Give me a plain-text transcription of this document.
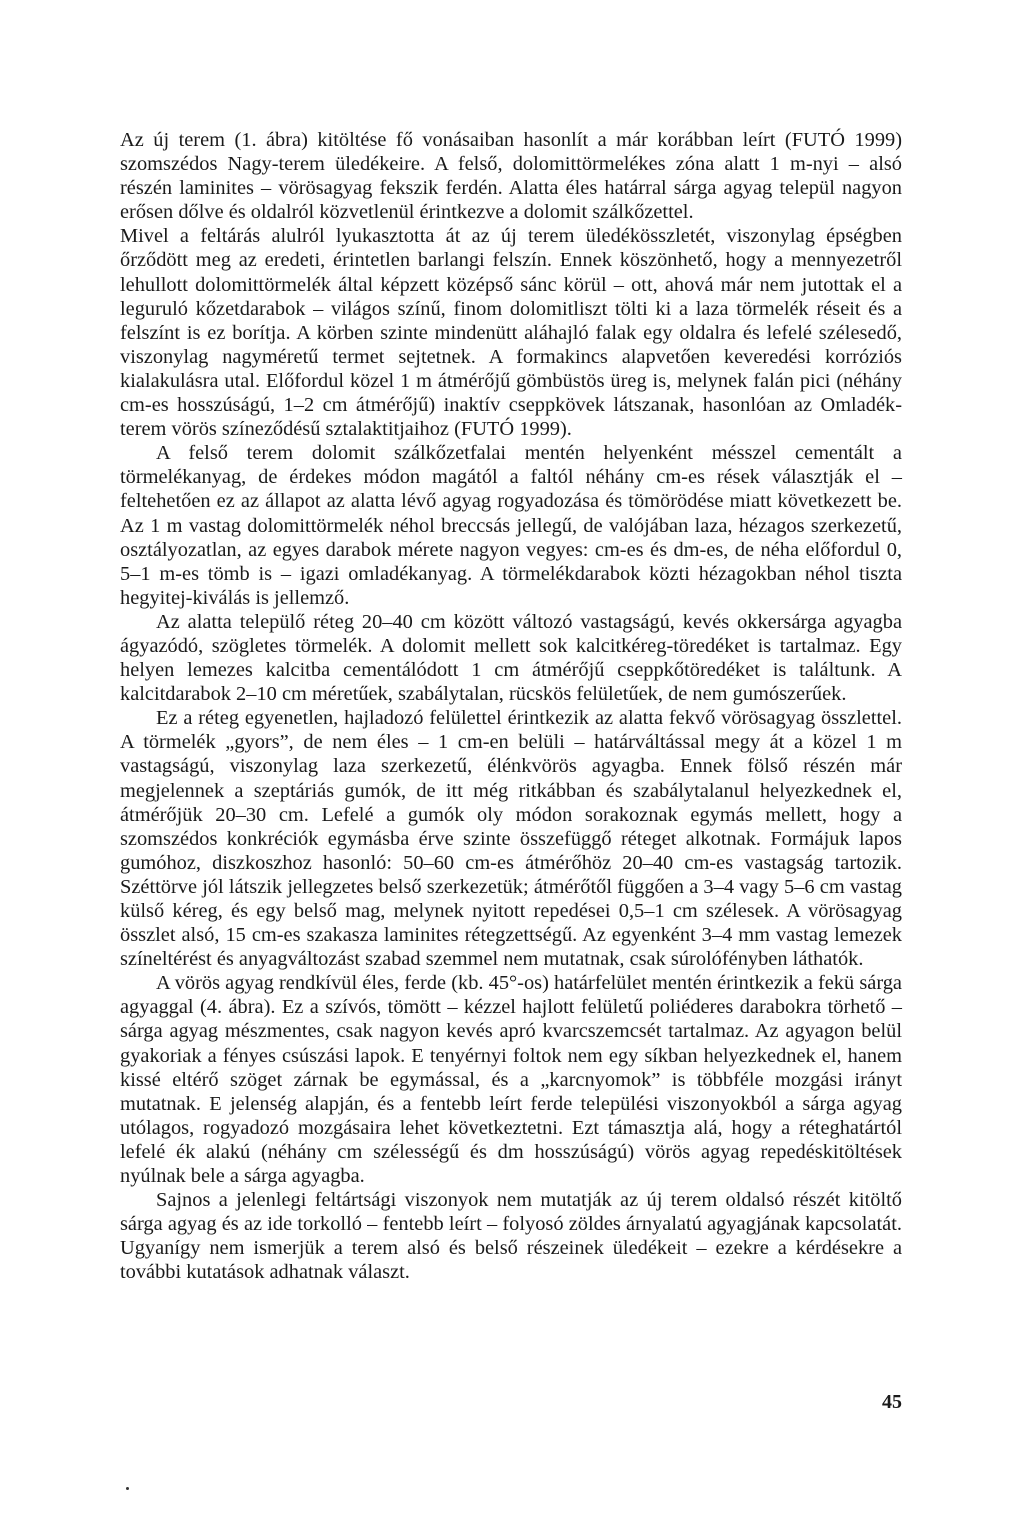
Az új terem (1. ábra) kitöltése fő vonásaiban hasonlít a már korábban leírt (FUTÓ 1999) szomszédos Nagy-terem üledékeire. A felső, dolomittörmelékes zóna alatt 1 m-nyi – alsó részén laminites – vörösagyag fekszik ferdén. Alatta éles határral sárga agyag települ nagyon erősen dőlve és oldalról közvetlenül érintkezve a dolomit szálkőzettel.

Mivel a feltárás alulról lyukasztotta át az új terem üledékösszletét, viszonylag épségben őrződött meg az eredeti, érintetlen barlangi felszín. Ennek köszönhető, hogy a mennyezetről lehullott dolomittörmelék által képzett középső sánc körül – ott, ahová már nem jutottak el a leguruló kőzetdarabok – világos színű, finom dolomitliszt tölti ki a laza törmelék réseit és a felszínt is ez borítja. A körben szinte mindenütt aláhajló falak egy oldalra és lefelé szélesedő, viszonylag nagyméretű termet sejtetnek. A formakincs alapvetően keveredési korróziós kialakulásra utal. Előfordul közel 1 m átmérőjű gömbüstös üreg is, melynek falán pici (néhány cm-es hosszúságú, 1–2 cm átmérőjű) inaktív cseppkövek látszanak, hasonlóan az Omladék-terem vörös színeződésű sztalaktitjaihoz (FUTÓ 1999).

A felső terem dolomit szálkőzetfalai mentén helyenként mésszel cementált a törmelékanyag, de érdekes módon magától a faltól néhány cm-es rések választják el – feltehetően ez az állapot az alatta lévő agyag rogyadozása és tömörödése miatt következett be. Az 1 m vastag dolomittörmelék néhol breccsás jellegű, de valójában laza, hézagos szerkezetű, osztályozatlan, az egyes darabok mérete nagyon vegyes: cm-es és dm-es, de néha előfordul 0, 5–1 m-es tömb is – igazi omladékanyag. A törmelékdarabok közti hézagokban néhol tiszta hegyitej-kiválás is jellemző.

Az alatta települő réteg 20–40 cm között változó vastagságú, kevés okkersárga agyagba ágyazódó, szögletes törmelék. A dolomit mellett sok kalcitkéreg-töredéket is tartalmaz. Egy helyen lemezes kalcitba cementálódott 1 cm átmérőjű cseppkőtöredéket is találtunk. A kalcitdarabok 2–10 cm méretűek, szabálytalan, rücskös felületűek, de nem gumószerűek.

Ez a réteg egyenetlen, hajladozó felülettel érintkezik az alatta fekvő vörösagyag összlettel. A törmelék „gyors”, de nem éles – 1 cm-en belüli – határváltással megy át a közel 1 m vastagságú, viszonylag laza szerkezetű, élénkvörös agyagba. Ennek fölső részén már megjelennek a szeptáriás gumók, de itt még ritkábban és szabálytalanul helyezkednek el, átmérőjük 20–30 cm. Lefelé a gumók oly módon sorakoznak egymás mellett, hogy a szomszédos konkréciók egymásba érve szinte összefüggő réteget alkotnak. Formájuk lapos gumóhoz, diszkoszhoz hasonló: 50–60 cm-es átmérőhöz 20–40 cm-es vastagság tartozik. Széttörve jól látszik jellegzetes belső szerkezetük; átmérőtől függően a 3–4 vagy 5–6 cm vastag külső kéreg, és egy belső mag, melynek nyitott repedései 0,5–1 cm szélesek. A vörösagyag összlet alsó, 15 cm-es szakasza laminites rétegzettségű. Az egyenként 3–4 mm vastag lemezek színeltérést és anyagváltozást szabad szemmel nem mutatnak, csak súrolófényben láthatók.

A vörös agyag rendkívül éles, ferde (kb. 45°-os) határfelület mentén érintkezik a fekü sárga agyaggal (4. ábra). Ez a szívós, tömött – kézzel hajlott felületű poliéderes darabokra törhető – sárga agyag mészmentes, csak nagyon kevés apró kvarcszemcsét tartalmaz. Az agyagon belül gyakoriak a fényes csúszási lapok. E tenyérnyi foltok nem egy síkban helyezkednek el, hanem kissé eltérő szöget zárnak be egymással, és a „karcnyomok” is többféle mozgási irányt mutatnak. E jelenség alapján, és a fentebb leírt ferde települési viszonyokból a sárga agyag utólagos, rogyadozó mozgásaira lehet következtetni. Ezt támasztja alá, hogy a réteghatártól lefelé ék alakú (néhány cm szélességű és dm hosszúságú) vörös agyag repedéskitöltések nyúlnak bele a sárga agyagba.

Sajnos a jelenlegi feltártsági viszonyok nem mutatják az új terem oldalsó részét kitöltő sárga agyag és az ide torkolló – fentebb leírt – folyosó zöldes árnyalatú agyagjának kapcsolatát. Ugyanígy nem ismerjük a terem alsó és belső részeinek üledékeit – ezekre a kérdésekre a további kutatások adhatnak választ.

45
